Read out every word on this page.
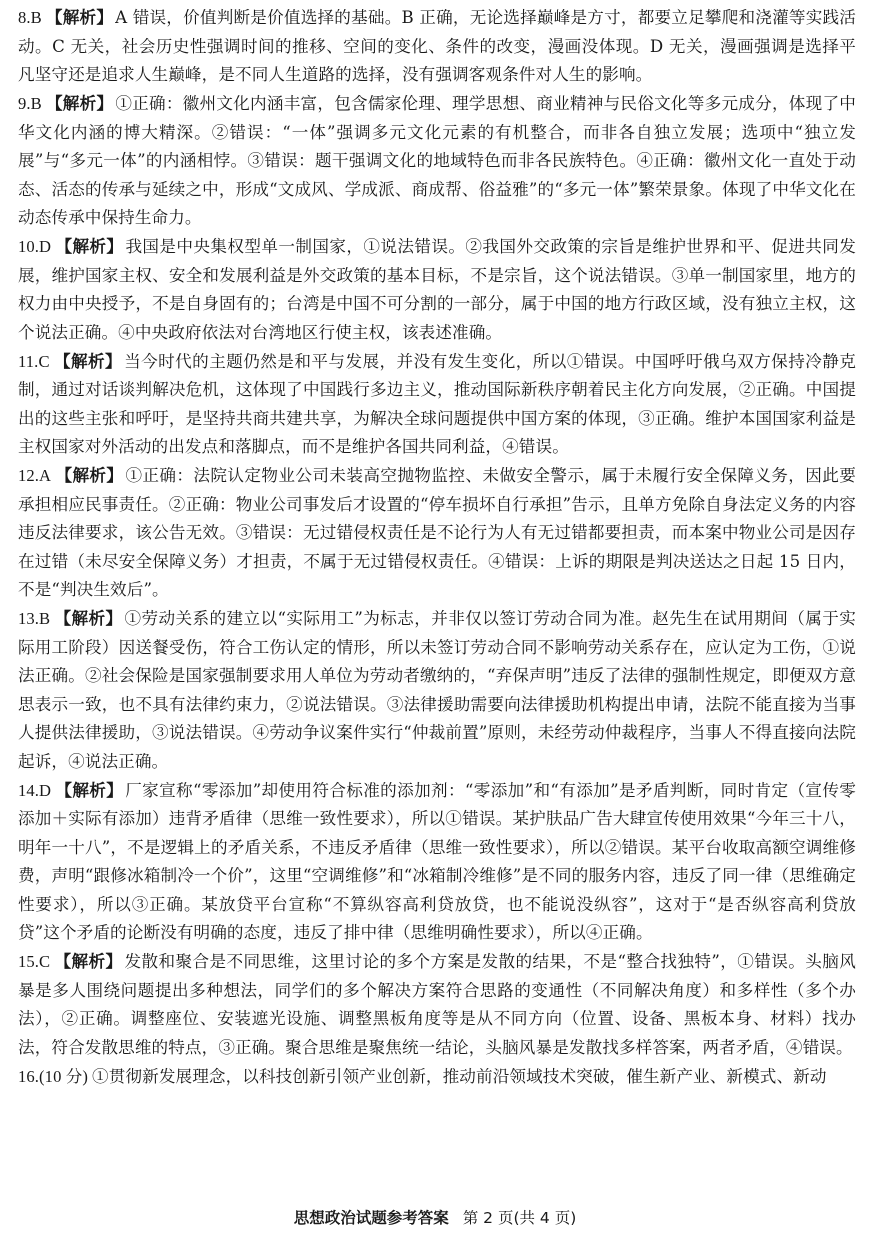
8.B 【解析】 A 错误，价值判断是价值选择的基础。B 正确，无论选择巅峰是方寸，都要立足攀爬和浇灌等实践活动。C 无关，社会历史性强调时间的推移、空间的变化、条件的改变，漫画没体现。D 无关，漫画强调是选择平凡坚守还是追求人生巅峰，是不同人生道路的选择，没有强调客观条件对人生的影响。

9.B 【解析】 ①正确：徽州文化内涵丰富，包含儒家伦理、理学思想、商业精神与民俗文化等多元成分，体现了中华文化内涵的博大精深。②错误：“一体”强调多元文化元素的有机整合，而非各自独立发展；选项中“独立发展”与“多元一体”的内涵相悖。③错误：题干强调文化的地域特色而非各民族特色。④正确：徽州文化一直处于动态、活态的传承与延续之中，形成“文成风、学成派、商成帮、俗益雅”的“多元一体”繁荣景象。体现了中华文化在动态传承中保持生命力。

10.D 【解析】 我国是中央集权型单一制国家，①说法错误。②我国外交政策的宗旨是维护世界和平、促进共同发展，维护国家主权、安全和发展利益是外交政策的基本目标，不是宗旨，这个说法错误。③单一制国家里，地方的权力由中央授予，不是自身固有的；台湾是中国不可分割的一部分，属于中国的地方行政区域，没有独立主权，这个说法正确。④中央政府依法对台湾地区行使主权，该表述准确。

11.C 【解析】 当今时代的主题仍然是和平与发展，并没有发生变化，所以①错误。中国呼吁俄乌双方保持冷静克制，通过对话谈判解决危机，这体现了中国践行多边主义，推动国际新秩序朝着民主化方向发展，②正确。中国提出的这些主张和呼吁，是坚持共商共建共享，为解决全球问题提供中国方案的体现，③正确。维护本国国家利益是主权国家对外活动的出发点和落脚点，而不是维护各国共同利益，④错误。

12.A 【解析】 ①正确：法院认定物业公司未装高空抛物监控、未做安全警示，属于未履行安全保障义务，因此要承担相应民事责任。②正确：物业公司事发后才设置的“停车损坏自行承担”告示，且单方免除自身法定义务的内容违反法律要求，该公告无效。③错误：无过错侵权责任是不论行为人有无过错都要担责，而本案中物业公司是因存在过错（未尽安全保障义务）才担责，不属于无过错侵权责任。④错误：上诉的期限是判决送达之日起 15 日内，不是“判决生效后”。

13.B 【解析】 ①劳动关系的建立以“实际用工”为标志，并非仅以签订劳动合同为准。赵先生在试用期间（属于实际用工阶段）因送餐受伤，符合工伤认定的情形，所以未签订劳动合同不影响劳动关系存在，应认定为工伤，①说法正确。②社会保险是国家强制要求用人单位为劳动者缴纳的，“弃保声明”违反了法律的强制性规定，即便双方意思表示一致，也不具有法律约束力，②说法错误。③法律援助需要向法律援助机构提出申请，法院不能直接为当事人提供法律援助，③说法错误。④劳动争议案件实行“仲裁前置”原则，未经劳动仲裁程序，当事人不得直接向法院起诉，④说法正确。

14.D 【解析】 厂家宣称“零添加”却使用符合标准的添加剂：“零添加”和“有添加”是矛盾判断，同时肯定（宣传零添加＋实际有添加）违背矛盾律（思维一致性要求），所以①错误。某护肤品广告大肆宣传使用效果“今年三十八，明年一十八”，不是逻辑上的矛盾关系，不违反矛盾律（思维一致性要求），所以②错误。某平台收取高额空调维修费，声明“跟修冰箱制冷一个价”，这里“空调维修”和“冰箱制冷维修”是不同的服务内容，违反了同一律（思维确定性要求），所以③正确。某放贷平台宣称“不算纵容高利贷放贷，也不能说没纵容”，这对于“是否纵容高利贷放贷”这个矛盾的论断没有明确的态度，违反了排中律（思维明确性要求），所以④正确。

15.C 【解析】 发散和聚合是不同思维，这里讨论的多个方案是发散的结果，不是“整合找独特”，①错误。头脑风暴是多人围绕问题提出多种想法，同学们的多个解决方案符合思路的变通性（不同解决角度）和多样性（多个办法），②正确。调整座位、安装遮光设施、调整黑板角度等是从不同方向（位置、设备、黑板本身、材料）找办法，符合发散思维的特点，③正确。聚合思维是聚焦统一结论，头脑风暴是发散找多样答案，两者矛盾，④错误。

16.(10 分) ①贯彻新发展理念，以科技创新引领产业创新，推动前沿领域技术突破，催生新产业、新模式、新动

思想政治试题参考答案 第 2 页(共 4 页)
